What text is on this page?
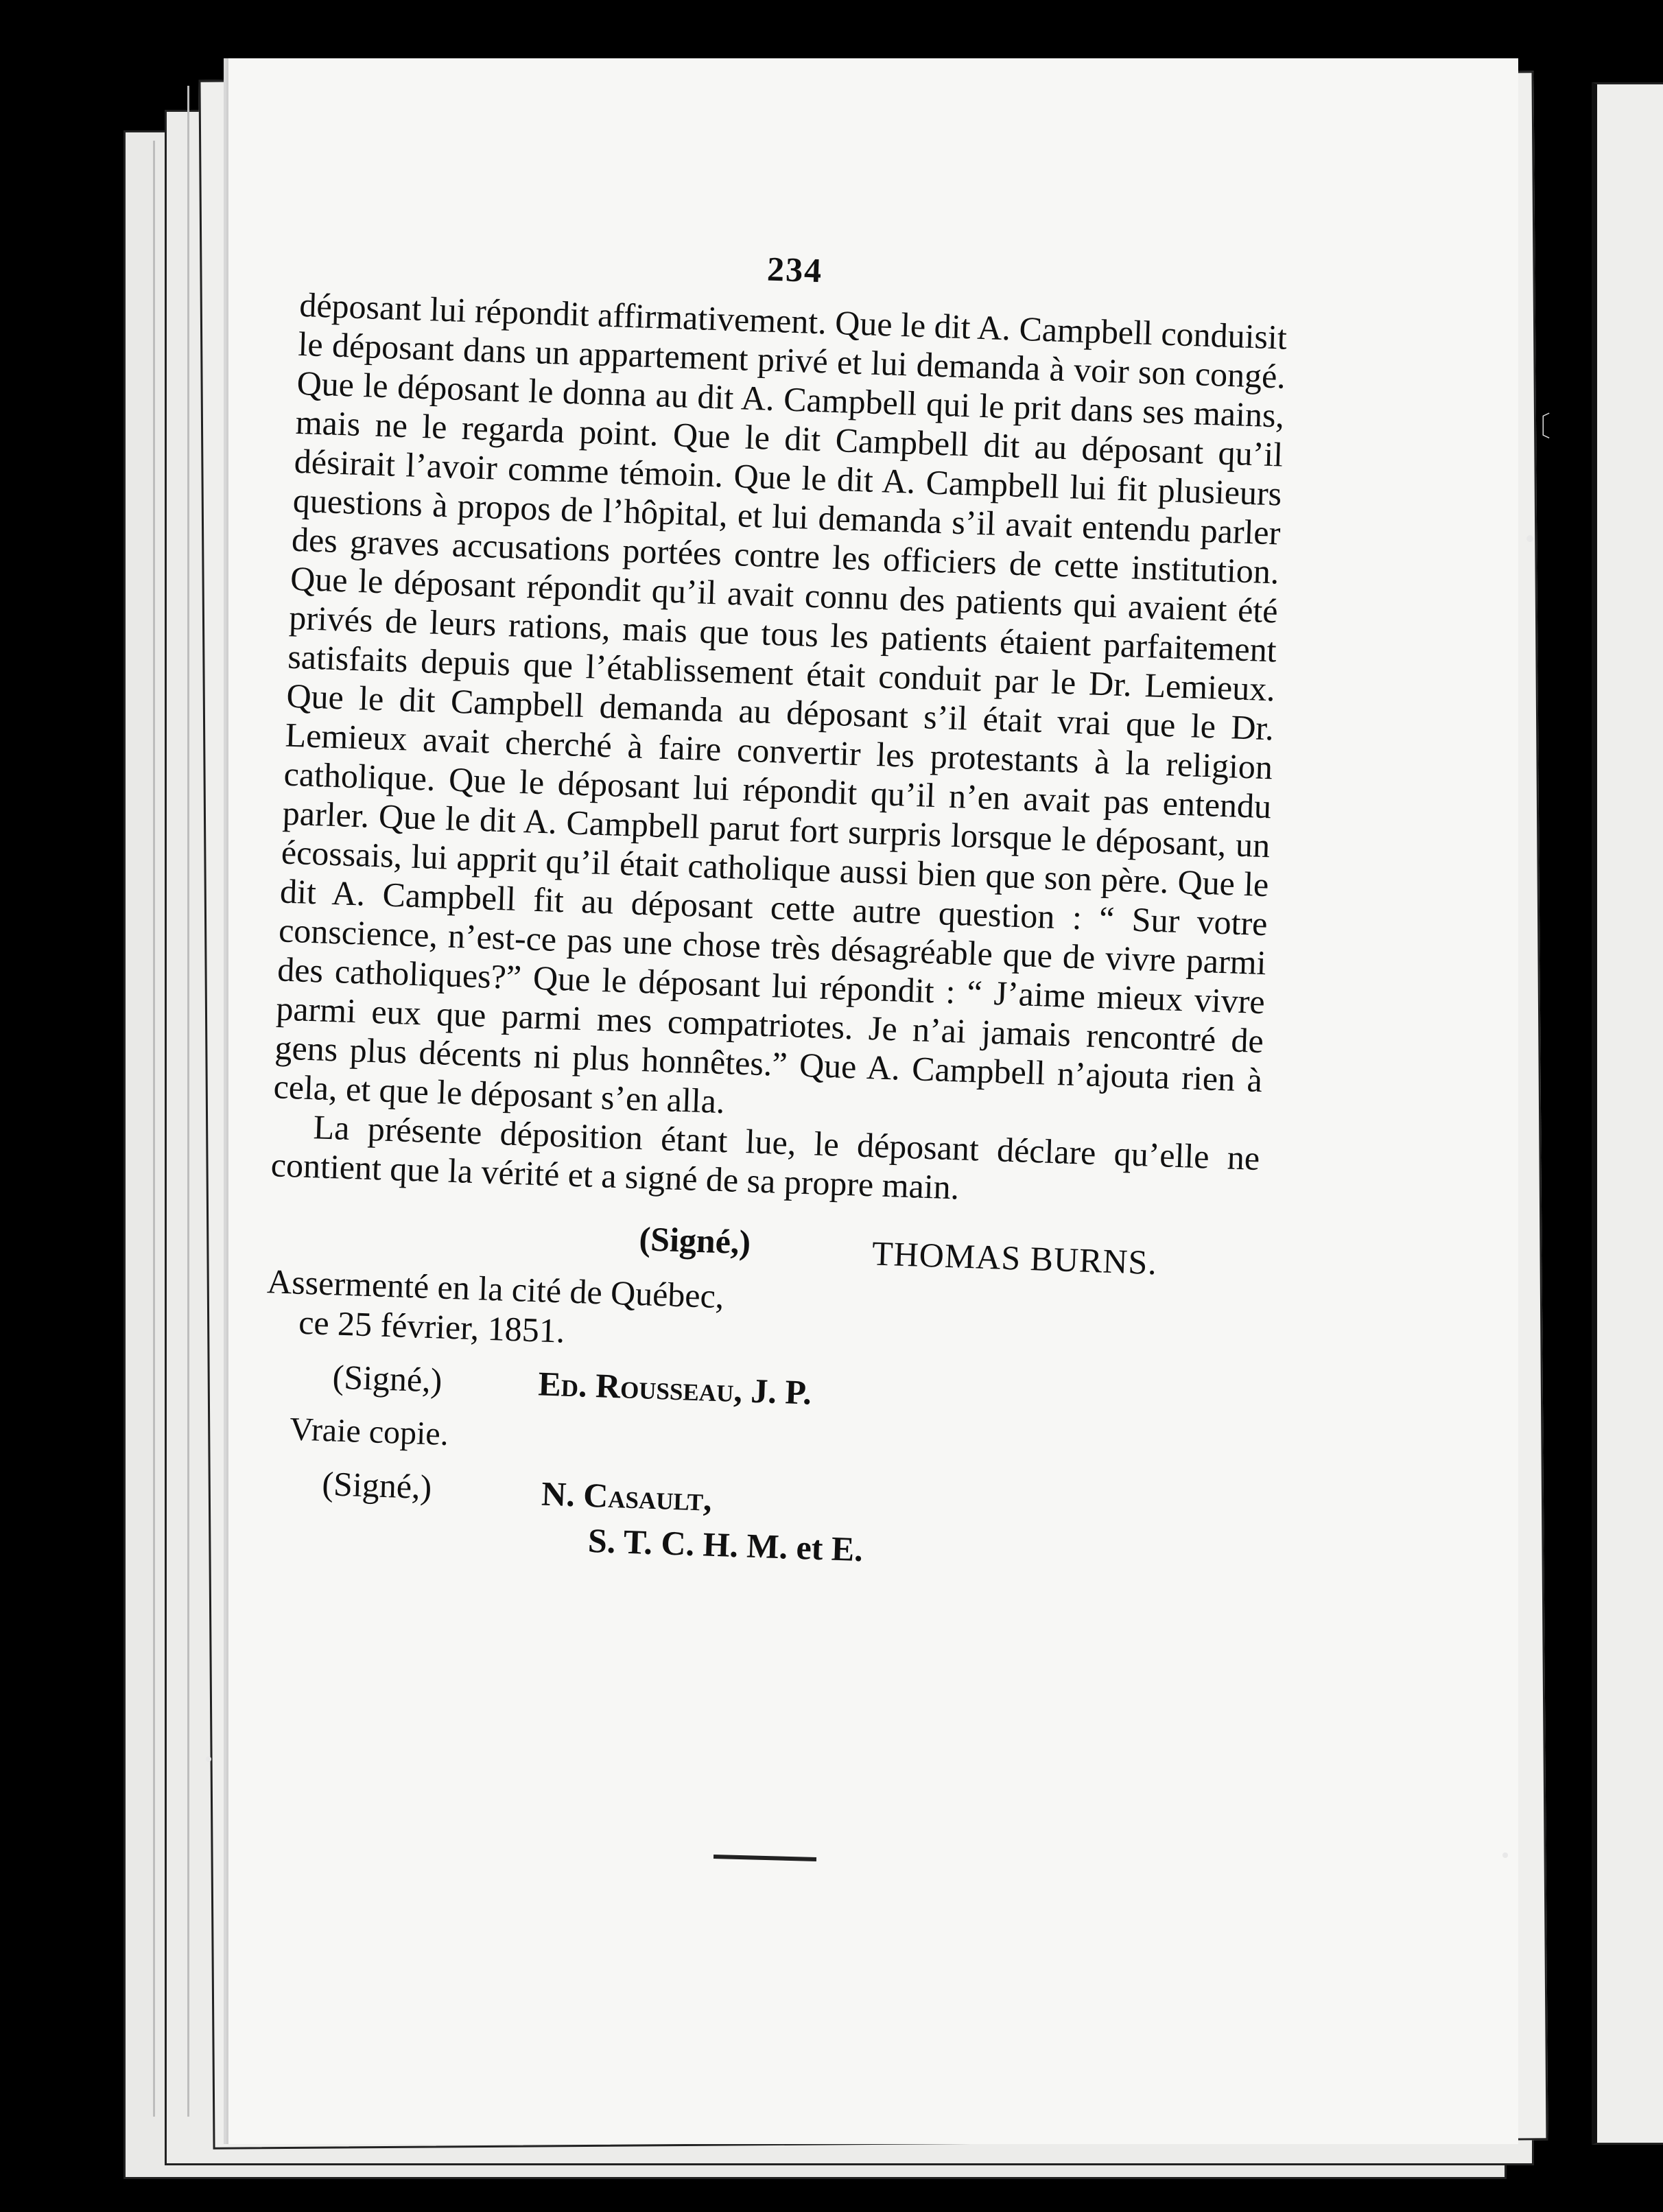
〔
234

déposant lui répondit affirmativement. Que le dit A. Campbell conduisit le déposant dans un appartement privé et lui demanda à voir son congé. Que le déposant le donna au dit A. Campbell qui le prit dans ses mains, mais ne le regarda point. Que le dit Campbell dit au déposant qu’il désirait l’avoir comme témoin. Que le dit A. Campbell lui fit plusieurs questions à propos de l’hôpital, et lui demanda s’il avait entendu parler des graves accusations portées contre les officiers de cette institution. Que le déposant répondit qu’il avait connu des patients qui avaient été privés de leurs rations, mais que tous les patients étaient parfaitement satisfaits depuis que l’établissement était conduit par le Dr. Lemieux. Que le dit Campbell demanda au déposant s’il était vrai que le Dr. Lemieux avait cherché à faire convertir les protestants à la religion catholique. Que le déposant lui répondit qu’il n’en avait pas entendu parler. Que le dit A. Campbell parut fort surpris lorsque le déposant, un écossais, lui apprit qu’il était catholique aussi bien que son père. Que le dit A. Campbell fit au déposant cette autre question : “ Sur votre conscience, n’est-ce pas une chose très désagréable que de vivre parmi des catholiques?” Que le déposant lui répondit : “ J’aime mieux vivre parmi eux que parmi mes compatriotes. Je n’ai jamais rencontré de gens plus décents ni plus honnêtes.” Que A. Campbell n’ajouta rien à cela, et que le déposant s’en alla.

La présente déposition étant lue, le déposant déclare qu’elle ne contient que la vérité et a signé de sa propre main.

(Signé,)	THOMAS BURNS.
Assermenté en la cité de Québec,
ce 25 février, 1851.
(Signé,)	Ed. Rousseau, J. P.
Vraie copie.
(Signé,)	N. Casault,
S. T. C. H. M. et E.
